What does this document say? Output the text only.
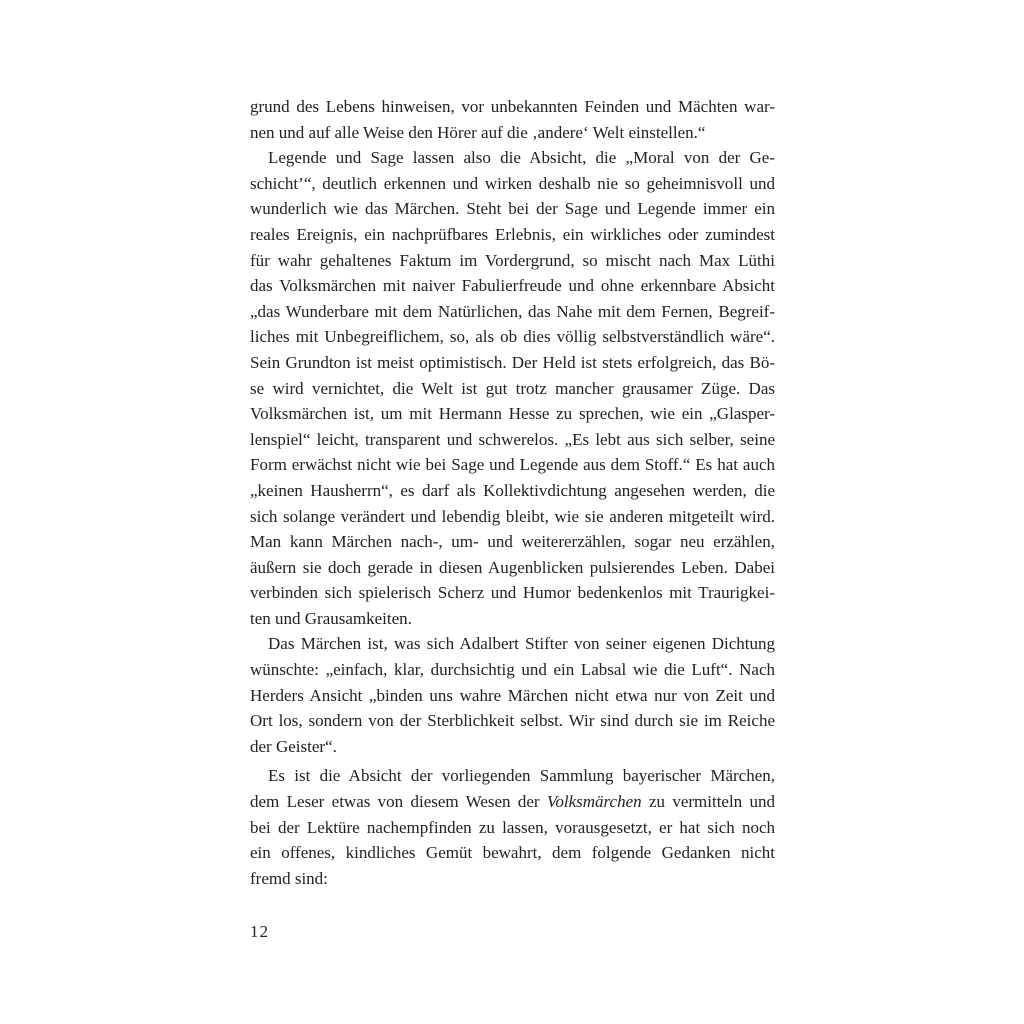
grund des Lebens hinweisen, vor unbekannten Feinden und Mächten war-
nen und auf alle Weise den Hörer auf die ‚andere‘ Welt einstellen.“
Legende und Sage lassen also die Absicht, die „Moral von der Ge-
schicht’“, deutlich erkennen und wirken deshalb nie so geheimnisvoll und
wunderlich wie das Märchen. Steht bei der Sage und Legende immer ein
reales Ereignis, ein nachprüfbares Erlebnis, ein wirkliches oder zumindest
für wahr gehaltenes Faktum im Vordergrund, so mischt nach Max Lüthi
das Volksmärchen mit naiver Fabulierfreude und ohne erkennbare Absicht
„das Wunderbare mit dem Natürlichen, das Nahe mit dem Fernen, Begreif-
liches mit Unbegreiflichem, so, als ob dies völlig selbstverständlich wäre“.
Sein Grundton ist meist optimistisch. Der Held ist stets erfolgreich, das Bö-
se wird vernichtet, die Welt ist gut trotz mancher grausamer Züge. Das
Volksmärchen ist, um mit Hermann Hesse zu sprechen, wie ein „Glasper-
lenspiel“ leicht, transparent und schwerelos. „Es lebt aus sich selber, seine
Form erwächst nicht wie bei Sage und Legende aus dem Stoff.“ Es hat auch
„keinen Hausherrn“, es darf als Kollektivdichtung angesehen werden, die
sich solange verändert und lebendig bleibt, wie sie anderen mitgeteilt wird.
Man kann Märchen nach-, um- und weitererzählen, sogar neu erzählen,
äußern sie doch gerade in diesen Augenblicken pulsierendes Leben. Dabei
verbinden sich spielerisch Scherz und Humor bedenkenlos mit Traurigkei-
ten und Grausamkeiten.
Das Märchen ist, was sich Adalbert Stifter von seiner eigenen Dichtung
wünschte: „einfach, klar, durchsichtig und ein Labsal wie die Luft“. Nach
Herders Ansicht „binden uns wahre Märchen nicht etwa nur von Zeit und
Ort los, sondern von der Sterblichkeit selbst. Wir sind durch sie im Reiche
der Geister“.
Es ist die Absicht der vorliegenden Sammlung bayerischer Märchen,
dem Leser etwas von diesem Wesen der Volksmärchen zu vermitteln und
bei der Lektüre nachempfinden zu lassen, vorausgesetzt, er hat sich noch
ein offenes, kindliches Gemüt bewahrt, dem folgende Gedanken nicht
fremd sind:
12
